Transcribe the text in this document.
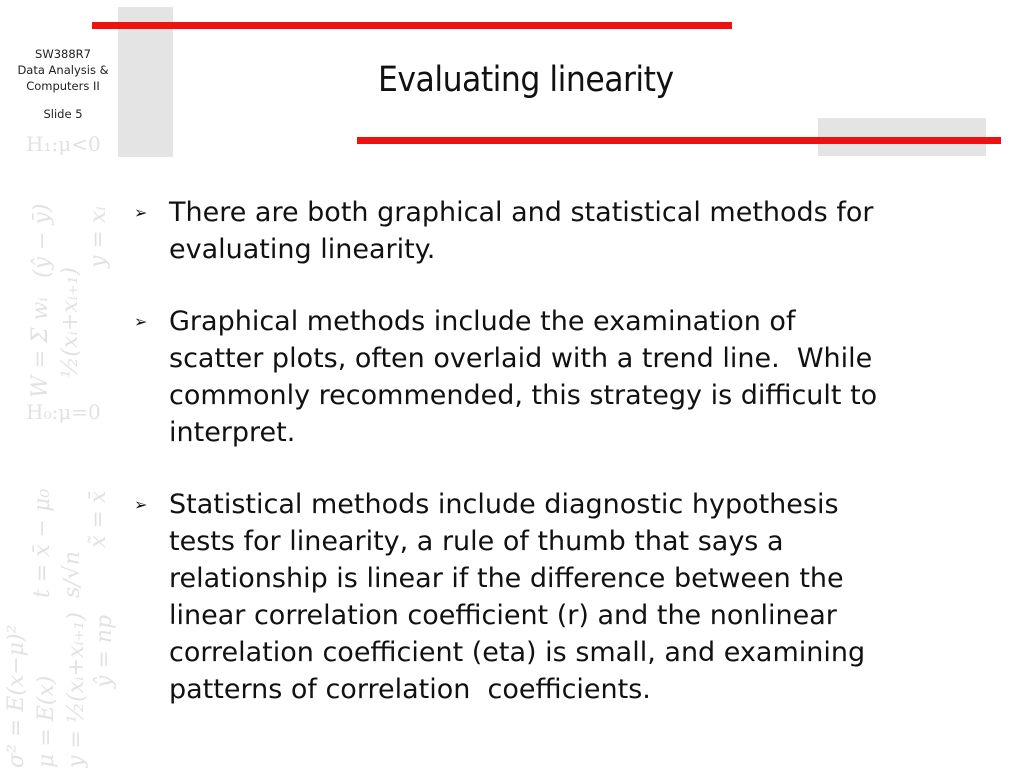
H₁:μ<0
H₀:μ=0
W = Σ wᵢ ½(xᵢ+xᵢ₊₁)
y = xᵢ
(ŷ − ȳ)
t = x̄ − μ₀ s/√n
x̃ = x̄
σ² = E(x−μ)² μ = E(x) y = ½(xᵢ+xᵢ₊₁) ŷ = np
SW388R7
Data Analysis &
Computers II
Slide 5
Evaluating linearity
➢ There are both graphical and statistical methods for
evaluating linearity.
➢ Graphical methods include the examination of
scatter plots, often overlaid with a trend line.  While
commonly recommended, this strategy is difficult to
interpret.
➢ Statistical methods include diagnostic hypothesis
tests for linearity, a rule of thumb that says a
relationship is linear if the difference between the
linear correlation coefficient (r) and the nonlinear
correlation coefficient (eta) is small, and examining
patterns of correlation  coefficients.
